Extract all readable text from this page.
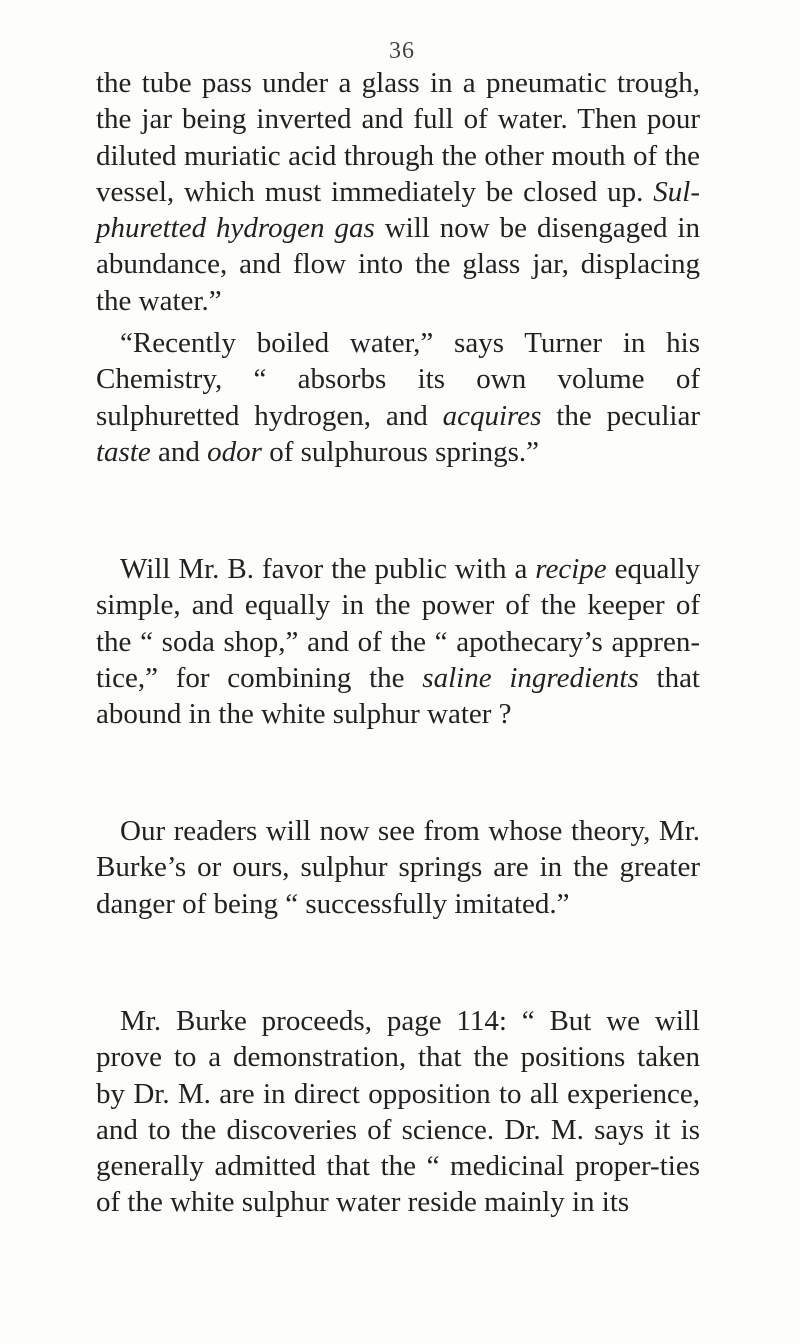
36

the tube pass under a glass in a pneumatic trough, the jar being inverted and full of water. Then pour diluted muriatic acid through the other mouth of the vessel, which must immediately be closed up. Sul-phuretted hydrogen gas will now be disengaged in abundance, and flow into the glass jar, displacing the water.”

“Recently boiled water,” says Turner in his Chemistry, “ absorbs its own volume of sulphuretted hydrogen, and acquires the peculiar taste and odor of sulphurous springs.”

Will Mr. B. favor the public with a recipe equally simple, and equally in the power of the keeper of the “ soda shop,” and of the “ apothecary’s appren-tice,” for combining the saline ingredients that abound in the white sulphur water ?

Our readers will now see from whose theory, Mr. Burke’s or ours, sulphur springs are in the greater danger of being “ successfully imitated.”

Mr. Burke proceeds, page 114: “ But we will prove to a demonstration, that the positions taken by Dr. M. are in direct opposition to all experience, and to the discoveries of science. Dr. M. says it is generally admitted that the “ medicinal proper-ties of the white sulphur water reside mainly in its
